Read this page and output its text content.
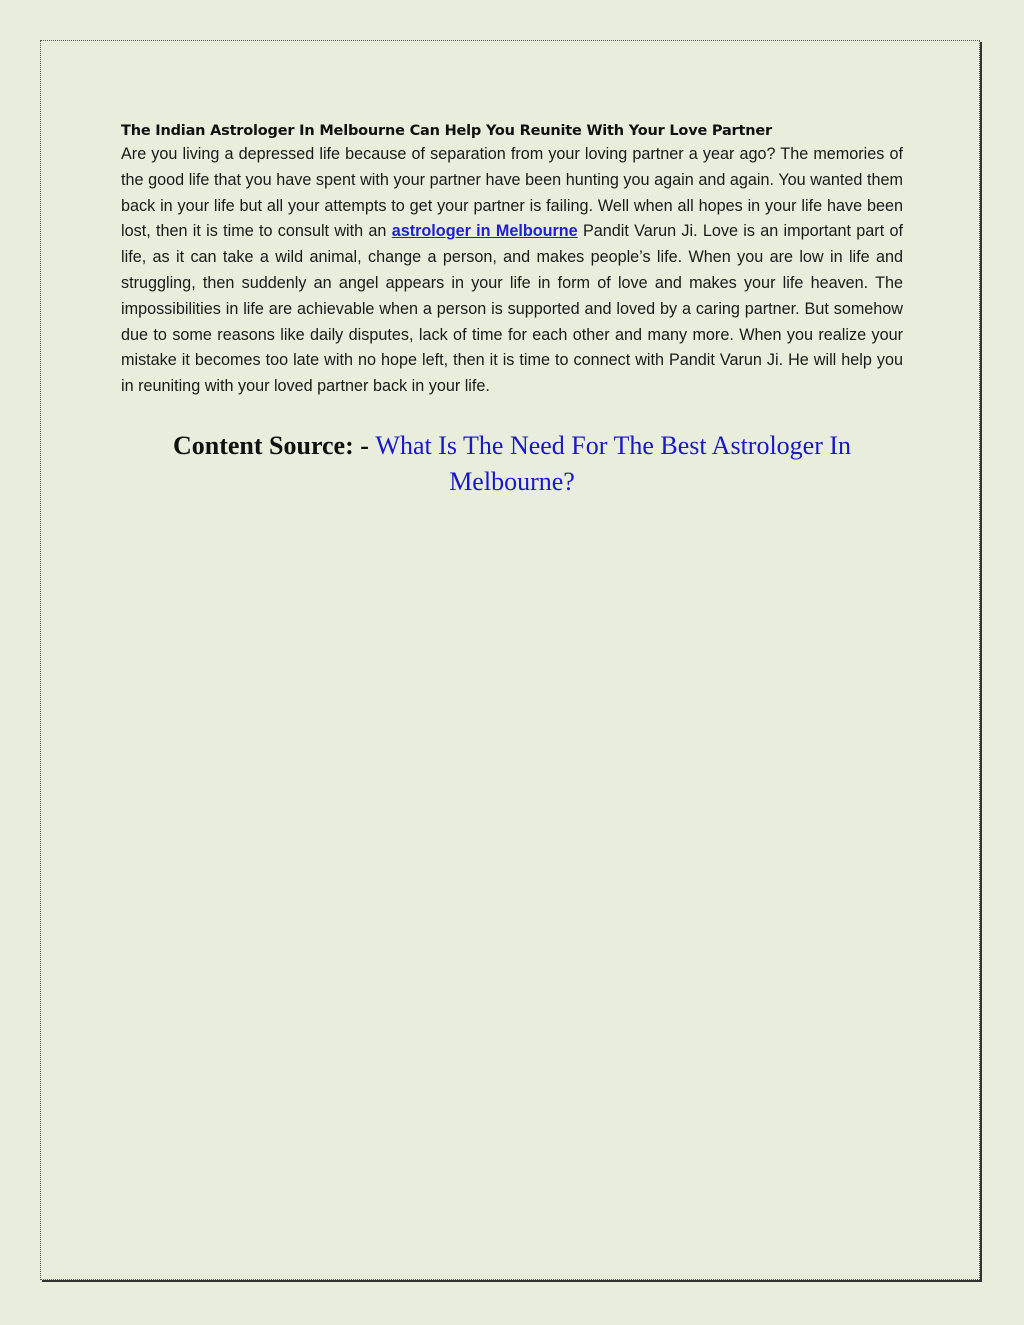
The Indian Astrologer In Melbourne Can Help You Reunite With Your Love Partner

Are you living a depressed life because of separation from your loving partner a year ago? The memories of the good life that you have spent with your partner have been hunting you again and again. You wanted them back in your life but all your attempts to get your partner is failing. Well when all hopes in your life have been lost, then it is time to consult with an astrologer in Melbourne Pandit Varun Ji. Love is an important part of life, as it can take a wild animal, change a person, and makes people’s life. When you are low in life and struggling, then suddenly an angel appears in your life in form of love and makes your life heaven. The impossibilities in life are achievable when a person is supported and loved by a caring partner. But somehow due to some reasons like daily disputes, lack of time for each other and many more. When you realize your mistake it becomes too late with no hope left, then it is time to connect with Pandit Varun Ji. He will help you in reuniting with your loved partner back in your life.

Content Source: - What Is The Need For The Best Astrologer In Melbourne?
